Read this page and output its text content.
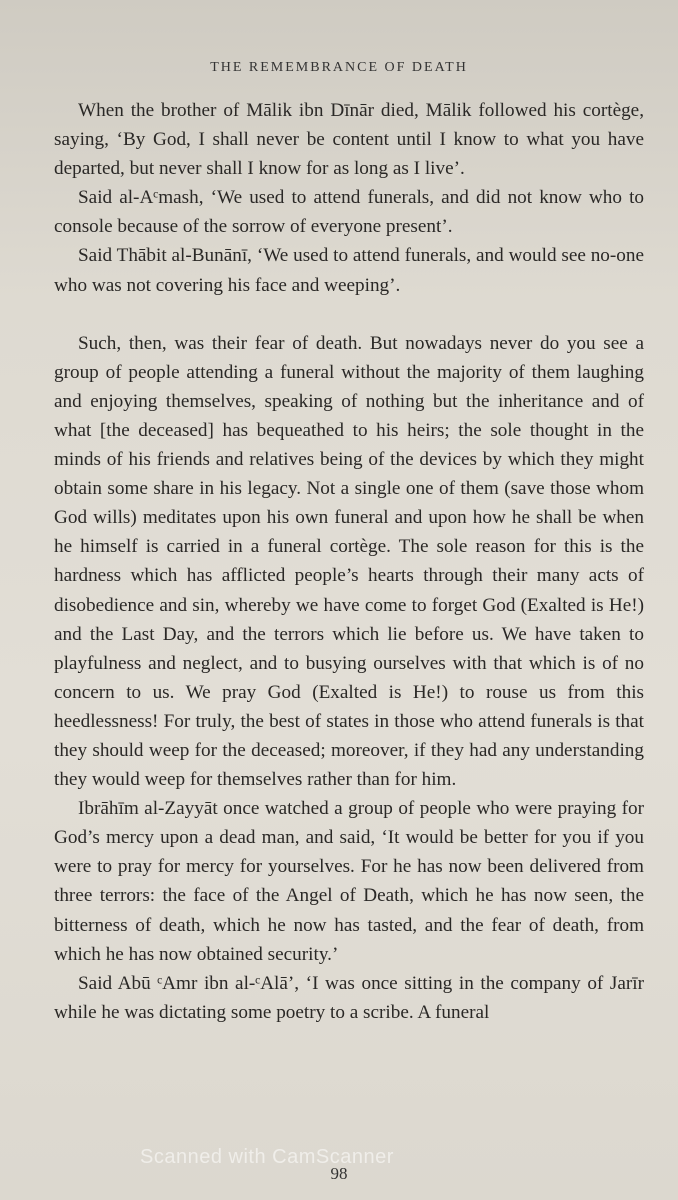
THE REMEMBRANCE OF DEATH

When the brother of Mālik ibn Dīnār died, Mālik followed his cortège, saying, ‘By God, I shall never be content until I know to what you have departed, but never shall I know for as long as I live’.

Said al-Aᶜmash, ‘We used to attend funerals, and did not know who to console because of the sorrow of everyone present’.

Said Thābit al-Bunānī, ‘We used to attend funerals, and would see no-one who was not covering his face and weeping’.

Such, then, was their fear of death. But nowadays never do you see a group of people attending a funeral without the majority of them laughing and enjoying themselves, speaking of nothing but the inheritance and of what [the deceased] has bequeathed to his heirs; the sole thought in the minds of his friends and relatives being of the devices by which they might obtain some share in his legacy. Not a single one of them (save those whom God wills) meditates upon his own funeral and upon how he shall be when he himself is carried in a funeral cortège. The sole reason for this is the hardness which has afflicted people’s hearts through their many acts of disobedience and sin, whereby we have come to forget God (Exalted is He!) and the Last Day, and the terrors which lie before us. We have taken to playfulness and neglect, and to busying ourselves with that which is of no concern to us. We pray God (Exalted is He!) to rouse us from this heedlessness! For truly, the best of states in those who attend funerals is that they should weep for the deceased; moreover, if they had any understanding they would weep for themselves rather than for him.

Ibrāhīm al-Zayyāt once watched a group of people who were praying for God’s mercy upon a dead man, and said, ‘It would be better for you if you were to pray for mercy for yourselves. For he has now been delivered from three terrors: the face of the Angel of Death, which he has now seen, the bitterness of death, which he now has tasted, and the fear of death, from which he has now obtained security.’

Said Abū ᶜAmr ibn al-ᶜAlā’, ‘I was once sitting in the company of Jarīr while he was dictating some poetry to a scribe. A funeral

Scanned with CamScanner
98
